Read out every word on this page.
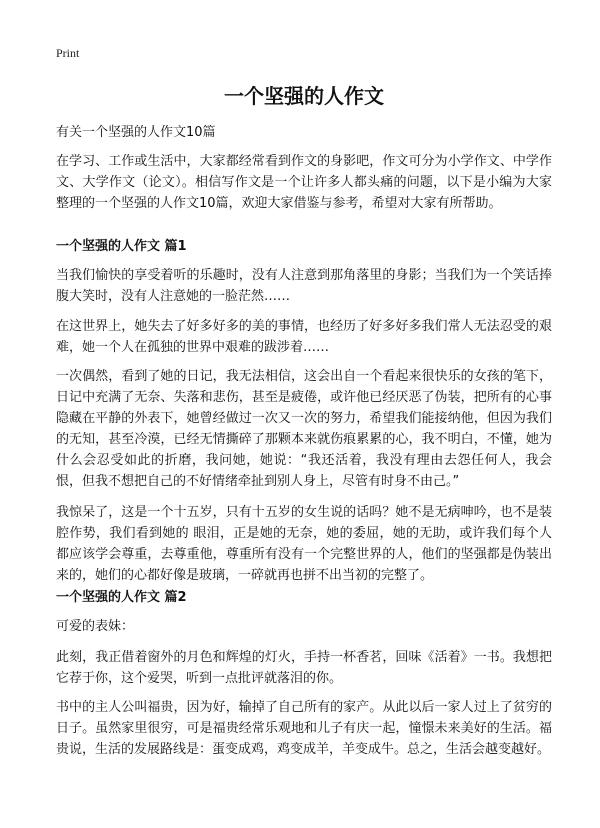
Print
一个坚强的人作文

有关一个坚强的人作文10篇

在学习、工作或生活中，大家都经常看到作文的身影吧，作文可分为小学作文、中学作文、大学作文（论文）。相信写作文是一个让许多人都头痛的问题，以下是小编为大家整理的一个坚强的人作文10篇，欢迎大家借鉴与参考，希望对大家有所帮助。

一个坚强的人作文 篇1

当我们愉快的享受着听的乐趣时，没有人注意到那角落里的身影；当我们为一个笑话捧腹大笑时，没有人注意她的一脸茫然……

在这世界上，她失去了好多好多的美的事情，也经历了好多好多我们常人无法忍受的艰难，她一个人在孤独的世界中艰难的跋涉着……

一次偶然，看到了她的日记，我无法相信，这会出自一个看起来很快乐的女孩的笔下，日记中充满了无奈、失落和悲伤，甚至是疲倦，或许他已经厌恶了伪装，把所有的心事隐藏在平静的外表下，她曾经做过一次又一次的努力，希望我们能接纳他，但因为我们的无知，甚至冷漠，已经无情撕碎了那颗本来就伤痕累累的心，我不明白，不懂，她为什么会忍受如此的折磨，我问她，她说：“我还活着，我没有理由去怨任何人，我会恨，但我不想把自己的不好情绪牵扯到别人身上，尽管有时身不由己。”

我惊呆了，这是一个十五岁，只有十五岁的女生说的话吗？她不是无病呻吟，也不是装腔作势，我们看到她的 眼泪，正是她的无奈，她的委屈，她的无助，或许我们每个人都应该学会尊重，去尊重他，尊重所有没有一个完整世界的人，他们的坚强都是伪装出来的，她们的心都好像是玻璃，一碎就再也拼不出当初的完整了。

一个坚强的人作文 篇2

可爱的表妹：

此刻，我正借着窗外的月色和辉煌的灯火，手持一杯香茗，回味《活着》一书。我想把它荐于你，这个爱哭，听到一点批评就落泪的你。

书中的主人公叫福贵，因为好，输掉了自己所有的家产。从此以后一家人过上了贫穷的日子。虽然家里很穷，可是福贵经常乐观地和儿子有庆一起，憧憬未来美好的生活。福贵说，生活的发展路线是：蛋变成鸡，鸡变成羊，羊变成牛。总之，生活会越变越好。
